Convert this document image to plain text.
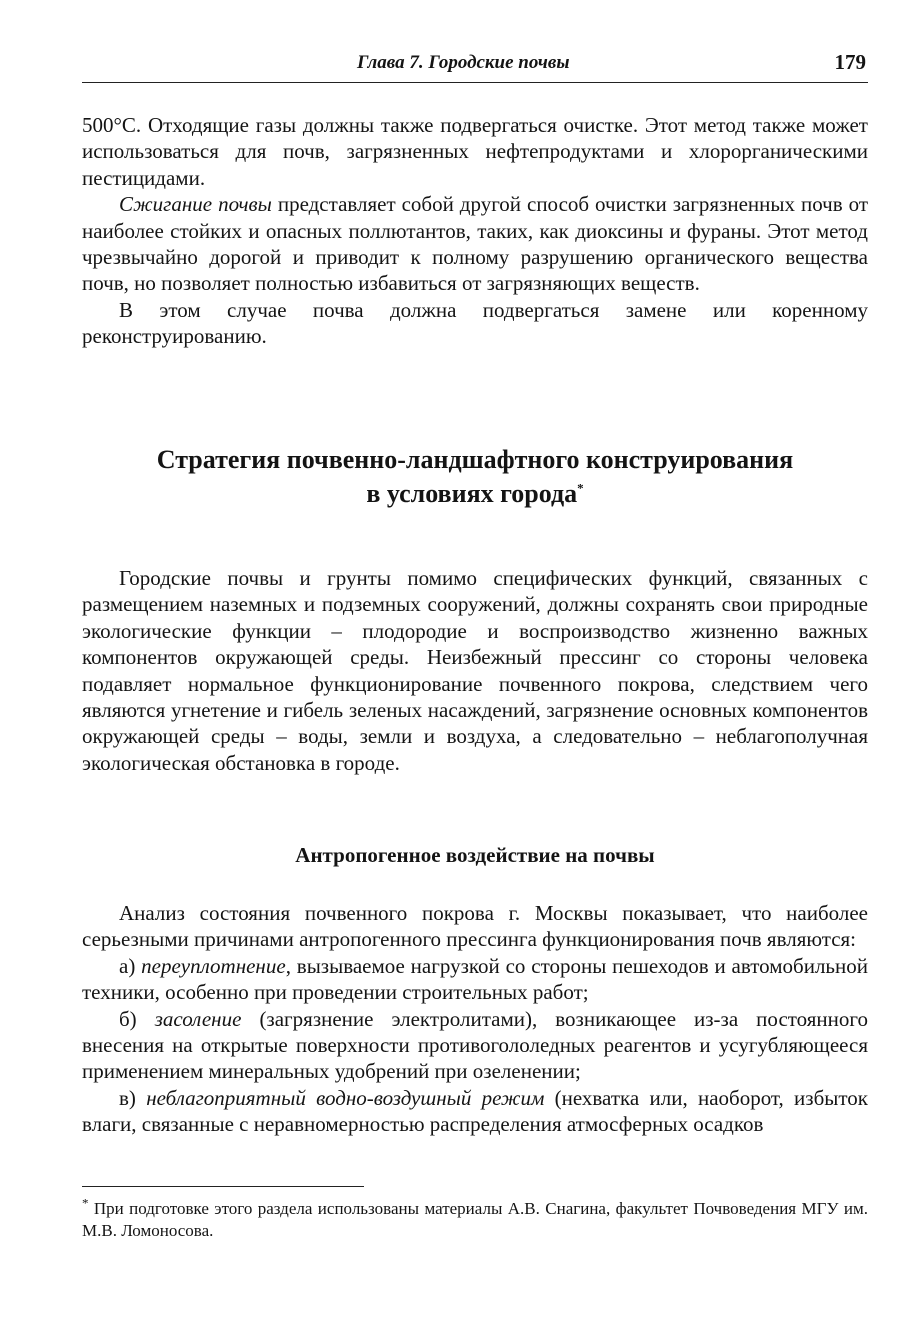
Глава 7. Городские почвы	179

500°С. Отходящие газы должны также подвергаться очистке. Этот метод также может использоваться для почв, загрязненных нефтепродуктами и хлорорганическими пестицидами.

Сжигание почвы представляет собой другой способ очистки загрязненных почв от наиболее стойких и опасных поллютантов, таких, как диоксины и фураны. Этот метод чрезвычайно дорогой и приводит к полному разрушению органического вещества почв, но позволяет полностью избавиться от загрязняющих веществ.

В этом случае почва должна подвергаться замене или коренному реконструированию.

Стратегия почвенно-ландшафтного конструирования
в условиях города*

Городские почвы и грунты помимо специфических функций, связанных с размещением наземных и подземных сооружений, должны сохранять свои природные экологические функции – плодородие и воспроизводство жизненно важных компонентов окружающей среды. Неизбежный прессинг со стороны человека подавляет нормальное функционирование почвенного покрова, следствием чего являются угнетение и гибель зеленых насаждений, загрязнение основных компонентов окружающей среды – воды, земли и воздуха, а следовательно – неблагополучная экологическая обстановка в городе.

Антропогенное воздействие на почвы

Анализ состояния почвенного покрова г. Москвы показывает, что наиболее серьезными причинами антропогенного прессинга функционирования почв являются:

а) переуплотнение, вызываемое нагрузкой со стороны пешеходов и автомобильной техники, особенно при проведении строительных работ;

б) засоление (загрязнение электролитами), возникающее из-за постоянного внесения на открытые поверхности противогололедных реагентов и усугубляющееся применением минеральных удобрений при озеленении;

в) неблагоприятный водно-воздушный режим (нехватка или, наоборот, избыток влаги, связанные с неравномерностью распределения атмосферных осадков

* При подготовке этого раздела использованы материалы А.В. Снагина, факультет Почвоведения МГУ им. М.В. Ломоносова.
